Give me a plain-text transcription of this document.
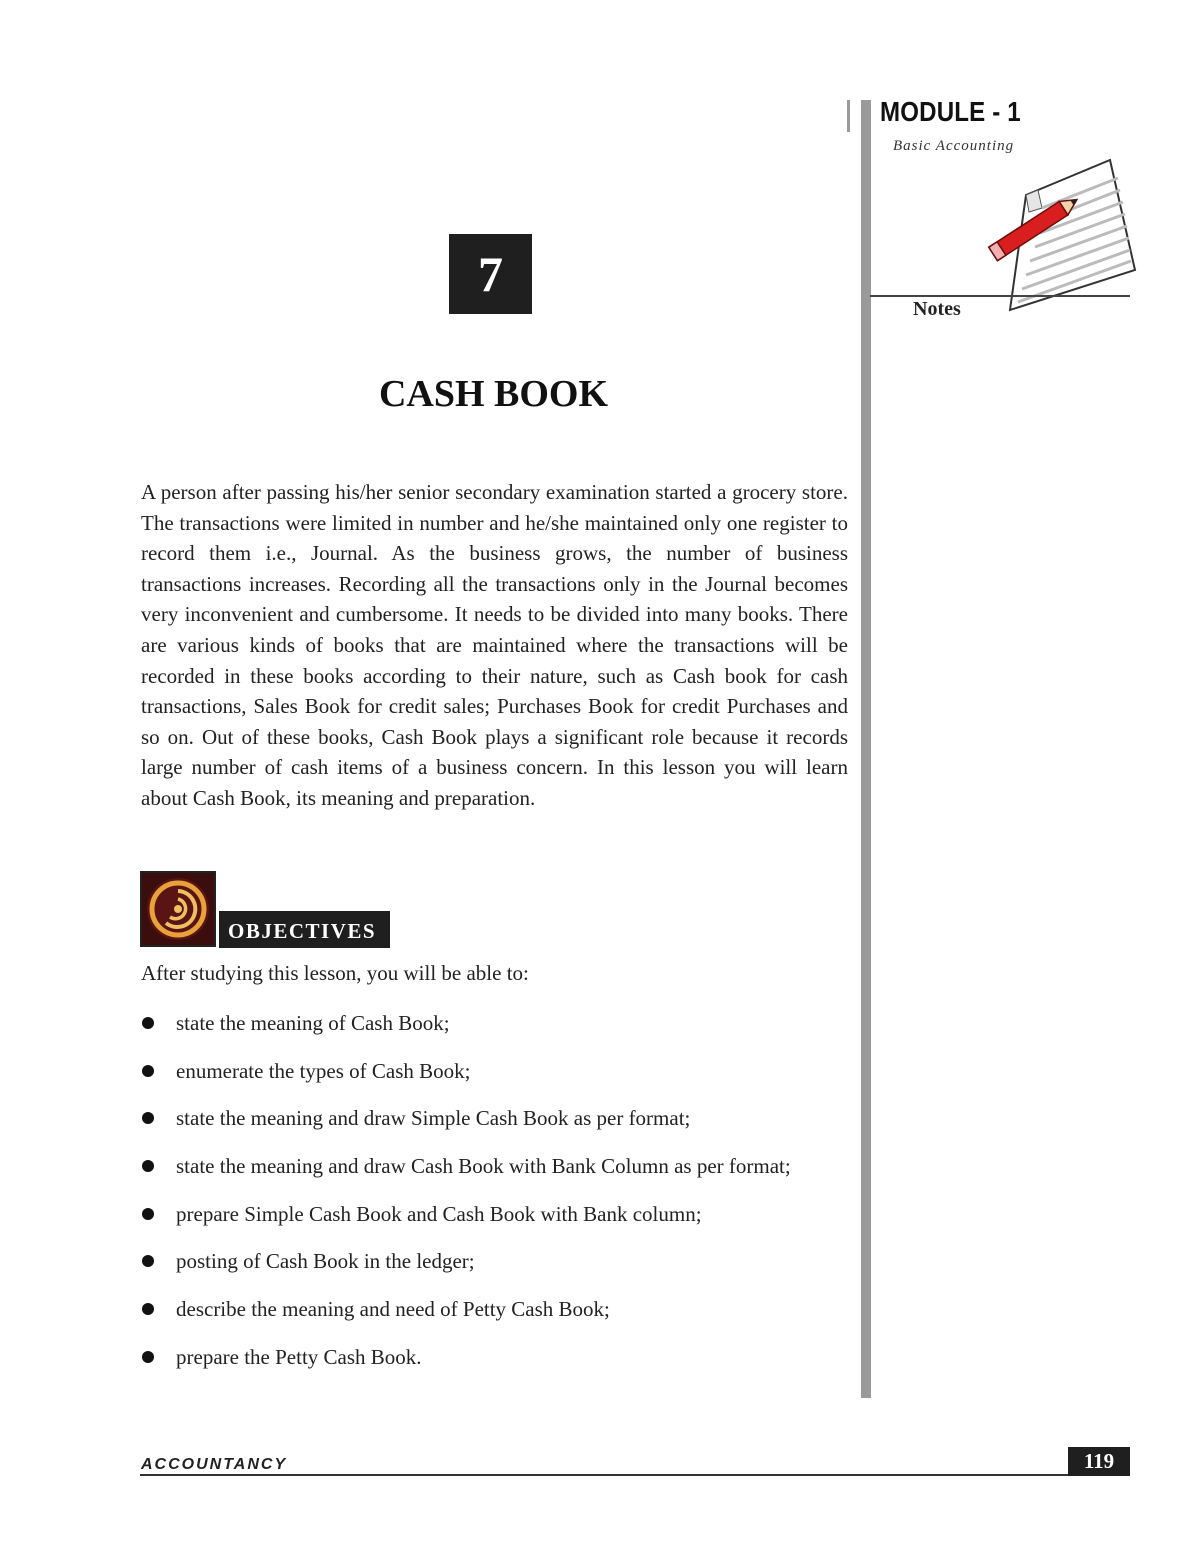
MODULE - 1
Basic Accounting
Notes
7
CASH BOOK

A person after passing his/her senior secondary examination started a grocery store. The transactions were limited in number and he/she maintained only one register to record them i.e., Journal. As the business grows, the number of business transactions increases. Recording all the transactions only in the Journal becomes very inconvenient and cumbersome. It needs to be divided into many books. There are various kinds of books that are maintained where the transactions will be recorded in these books according to their nature, such as Cash book for cash transactions, Sales Book for credit sales; Purchases Book for credit Purchases and so on. Out of these books, Cash Book plays a significant role because it records large number of cash items of a business concern. In this lesson you will learn about Cash Book, its meaning and preparation.

OBJECTIVES
After studying this lesson, you will be able to:
state the meaning of Cash Book;
enumerate the types of Cash Book;
state the meaning and draw Simple Cash Book as per format;
state the meaning and draw Cash Book with Bank Column as per format;
prepare Simple Cash Book and Cash Book with Bank column;
posting of Cash Book in the ledger;
describe the meaning and need of Petty Cash Book;
prepare the Petty Cash Book.
ACCOUNTANCY	119
